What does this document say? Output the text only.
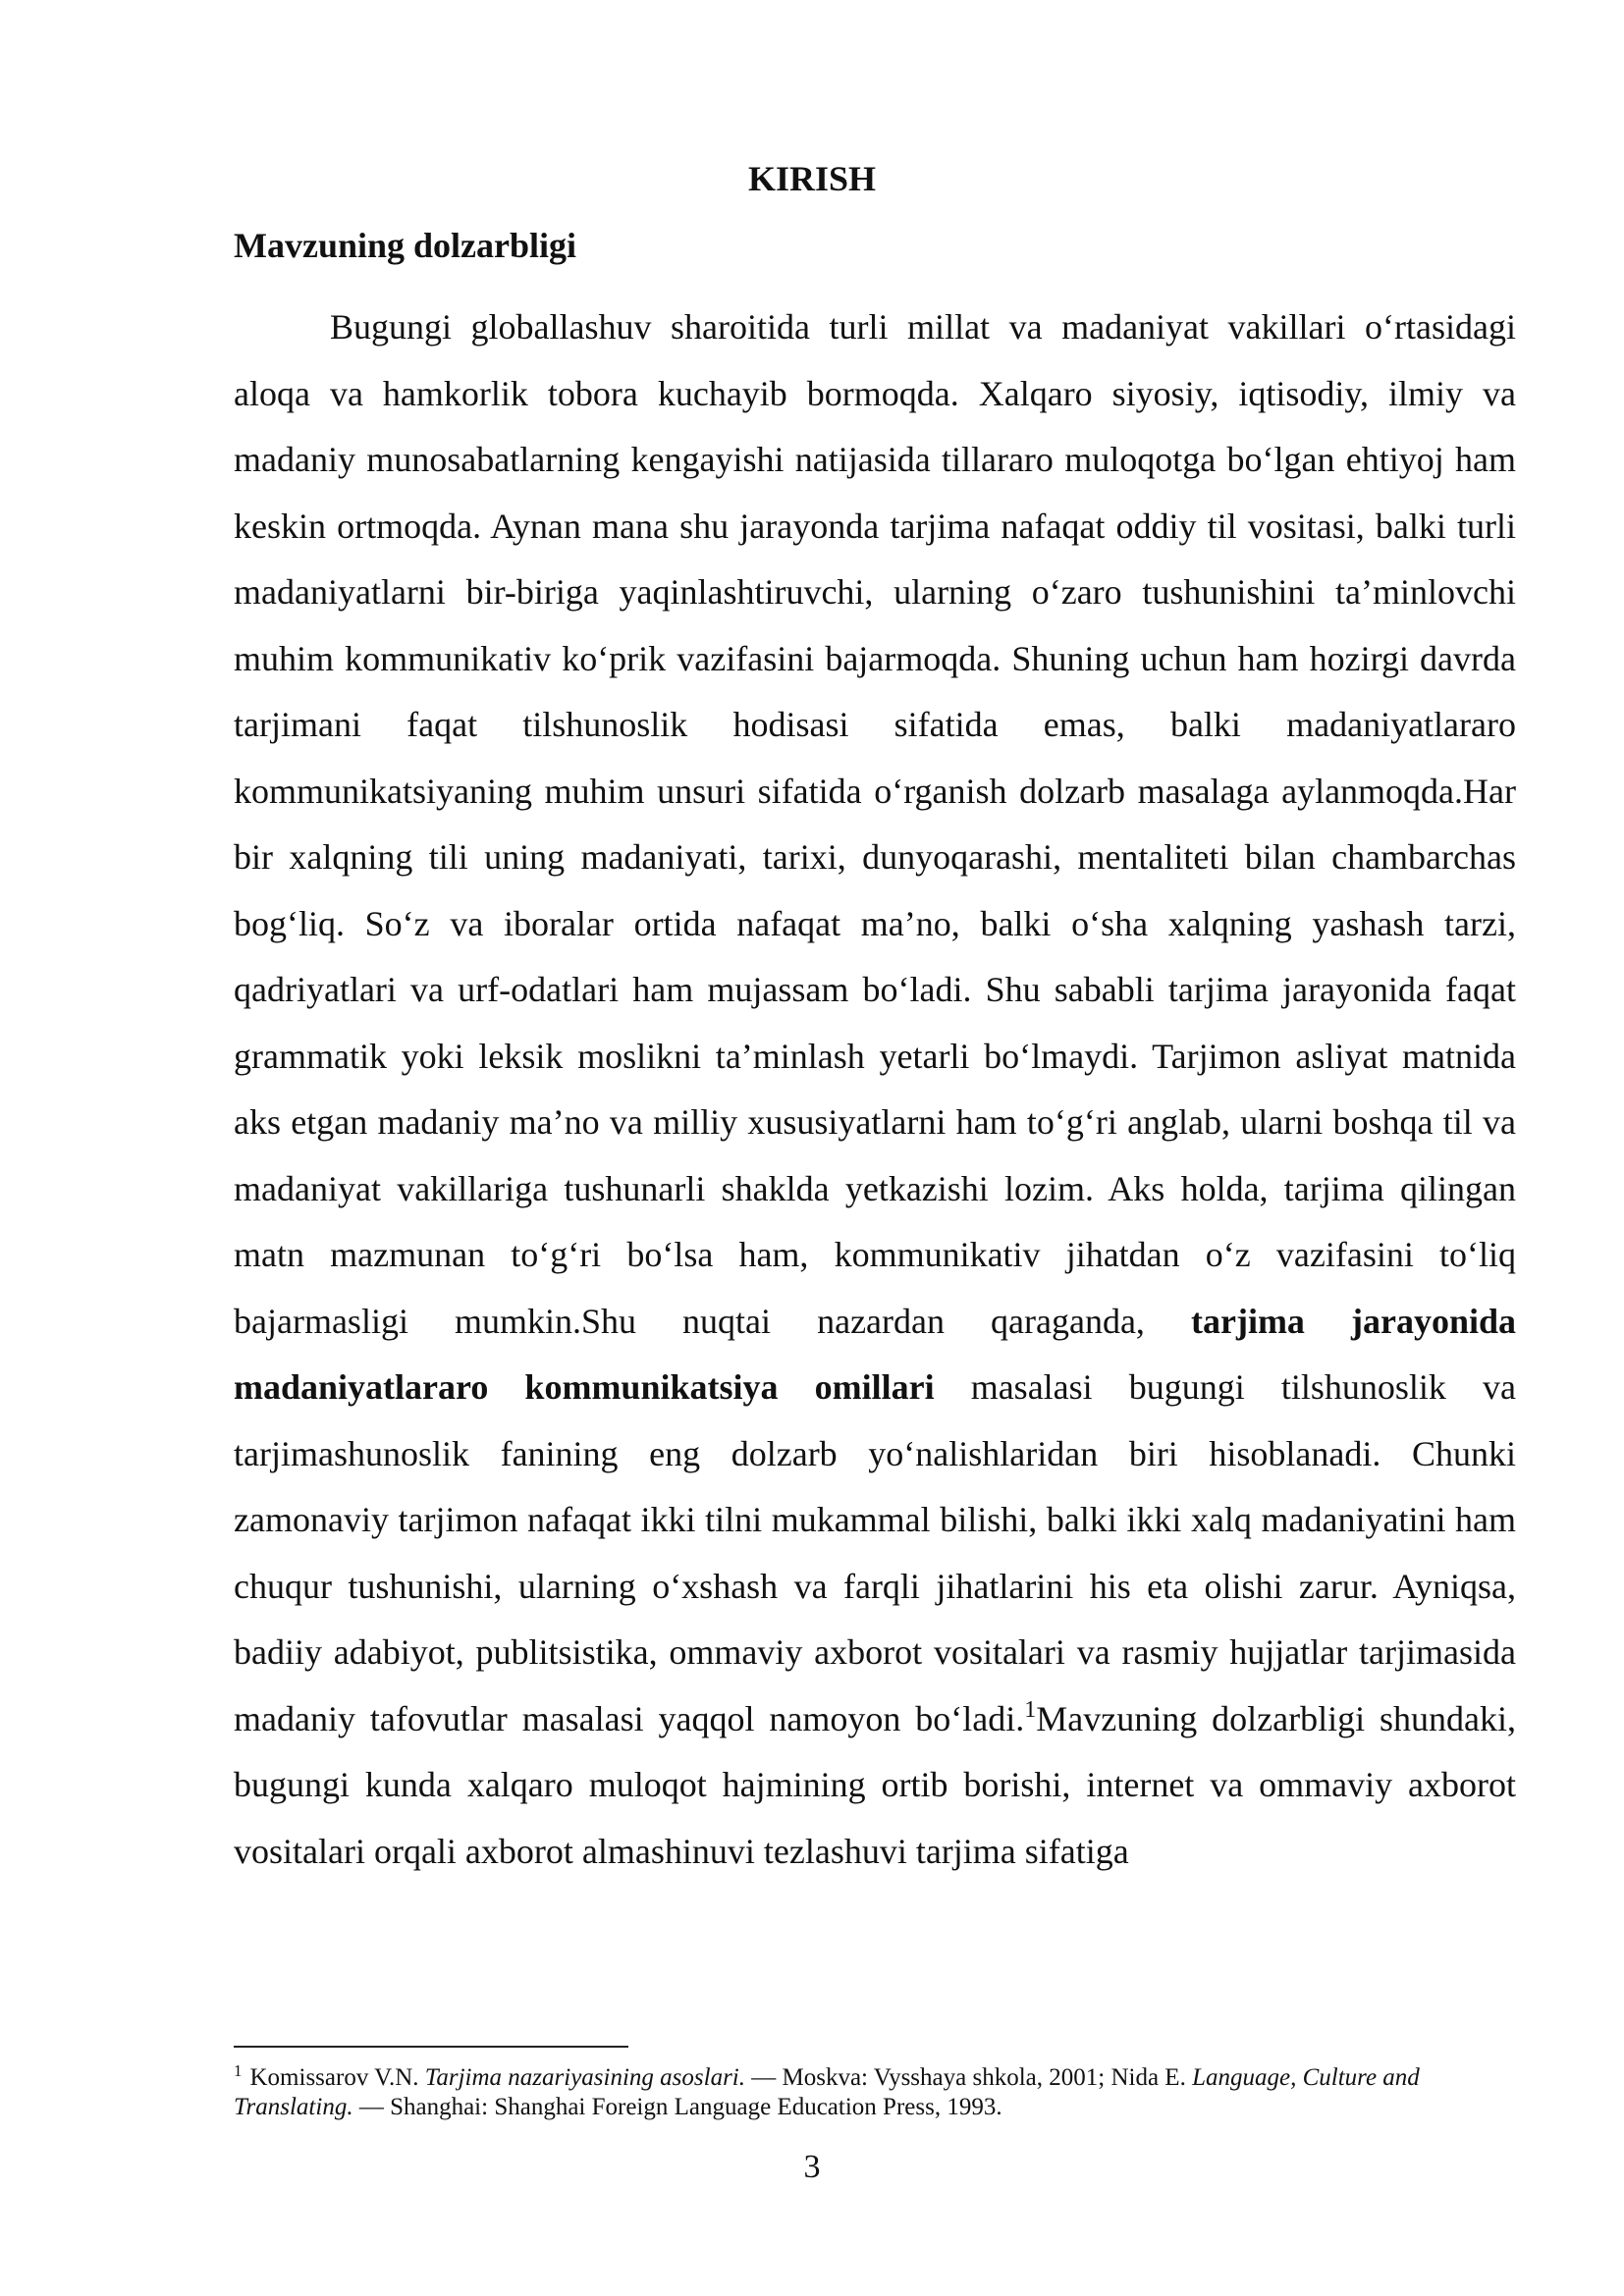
KIRISH
Mavzuning dolzarbligi

Bugungi globallashuv sharoitida turli millat va madaniyat vakillari o‘rtasidagi aloqa va hamkorlik tobora kuchayib bormoqda. Xalqaro siyosiy, iqtisodiy, ilmiy va madaniy munosabatlarning kengayishi natijasida tillararo muloqotga bo‘lgan ehtiyoj ham keskin ortmoqda. Aynan mana shu jarayonda tarjima nafaqat oddiy til vositasi, balki turli madaniyatlarni bir-biriga yaqinlashtiruvchi, ularning o‘zaro tushunishini ta’minlovchi muhim kommunikativ ko‘prik vazifasini bajarmoqda. Shuning uchun ham hozirgi davrda tarjimani faqat tilshunoslik hodisasi sifatida emas, balki madaniyatlararo kommunikatsiyaning muhim unsuri sifatida o‘rganish dolzarb masalaga aylanmoqda.Har bir xalqning tili uning madaniyati, tarixi, dunyoqarashi, mentaliteti bilan chambarchas bog‘liq. So‘z va iboralar ortida nafaqat ma’no, balki o‘sha xalqning yashash tarzi, qadriyatlari va urf-odatlari ham mujassam bo‘ladi. Shu sababli tarjima jarayonida faqat grammatik yoki leksik moslikni ta’minlash yetarli bo‘lmaydi. Tarjimon asliyat matnida aks etgan madaniy ma’no va milliy xususiyatlarni ham to‘g‘ri anglab, ularni boshqa til va madaniyat vakillariga tushunarli shaklda yetkazishi lozim. Aks holda, tarjima qilingan matn mazmunan to‘g‘ri bo‘lsa ham, kommunikativ jihatdan o‘z vazifasini to‘liq bajarmasligi mumkin.Shu nuqtai nazardan qaraganda, tarjima jarayonida madaniyatlararo kommunikatsiya omillari masalasi bugungi tilshunoslik va tarjimashunoslik fanining eng dolzarb yo‘nalishlaridan biri hisoblanadi. Chunki zamonaviy tarjimon nafaqat ikki tilni mukammal bilishi, balki ikki xalq madaniyatini ham chuqur tushunishi, ularning o‘xshash va farqli jihatlarini his eta olishi zarur. Ayniqsa, badiiy adabiyot, publitsistika, ommaviy axborot vositalari va rasmiy hujjatlar tarjimasida madaniy tafovutlar masalasi yaqqol namoyon bo‘ladi.$^1$Mavzuning dolzarbligi shundaki, bugungi kunda xalqaro muloqot hajmining ortib borishi, internet va ommaviy axborot vositalari orqali axborot almashinuvi tezlashuvi tarjima sifatiga

$^1$ Komissarov V.N. Tarjima nazariyasining asoslari. — Moskva: Vysshaya shkola, 2001; Nida E. Language, Culture and Translating. — Shanghai: Shanghai Foreign Language Education Press, 1993.

3
